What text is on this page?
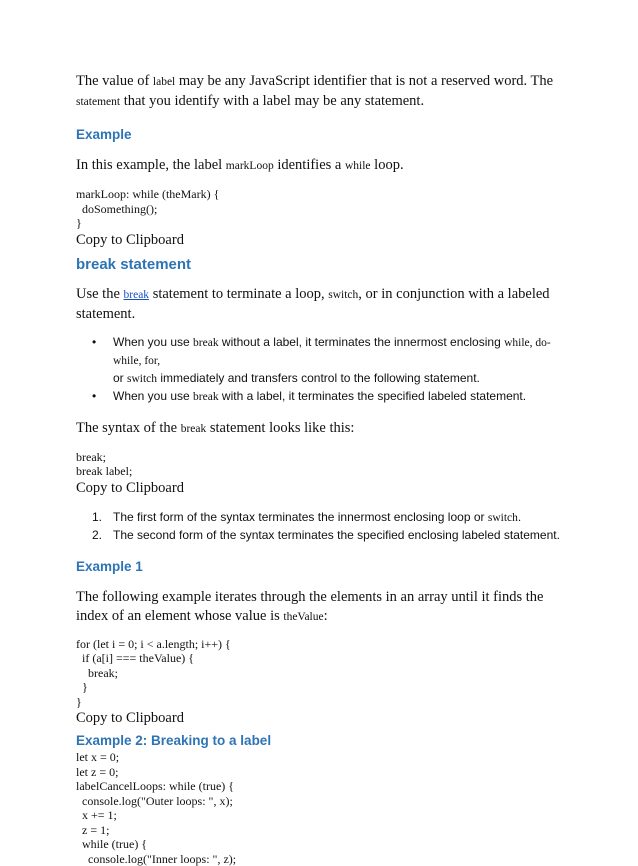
The value of label may be any JavaScript identifier that is not a reserved word. The statement that you identify with a label may be any statement.

Example

In this example, the label markLoop identifies a while loop.

markLoop: while (theMark) {
doSomething();
}

Copy to Clipboard

break statement

Use the break statement to terminate a loop, switch, or in conjunction with a labeled statement.

• When you use break without a label, it terminates the innermost enclosing while, do-while, for,
or switch immediately and transfers control to the following statement.
• When you use break with a label, it terminates the specified labeled statement.

The syntax of the break statement looks like this:

break;
break label;

Copy to Clipboard

1. The first form of the syntax terminates the innermost enclosing loop or switch.
2. The second form of the syntax terminates the specified enclosing labeled statement.
Example 1

The following example iterates through the elements in an array until it finds the index of an element whose value is theValue:

for (let i = 0; i < a.length; i++) {
if (a[i] === theValue) {
break;
}
}

Copy to Clipboard

Example 2: Breaking to a label
let x = 0;
let z = 0;
labelCancelLoops: while (true) {
console.log("Outer loops: ", x);
x += 1;
z = 1;
while (true) {
console.log("Inner loops: ", z);
